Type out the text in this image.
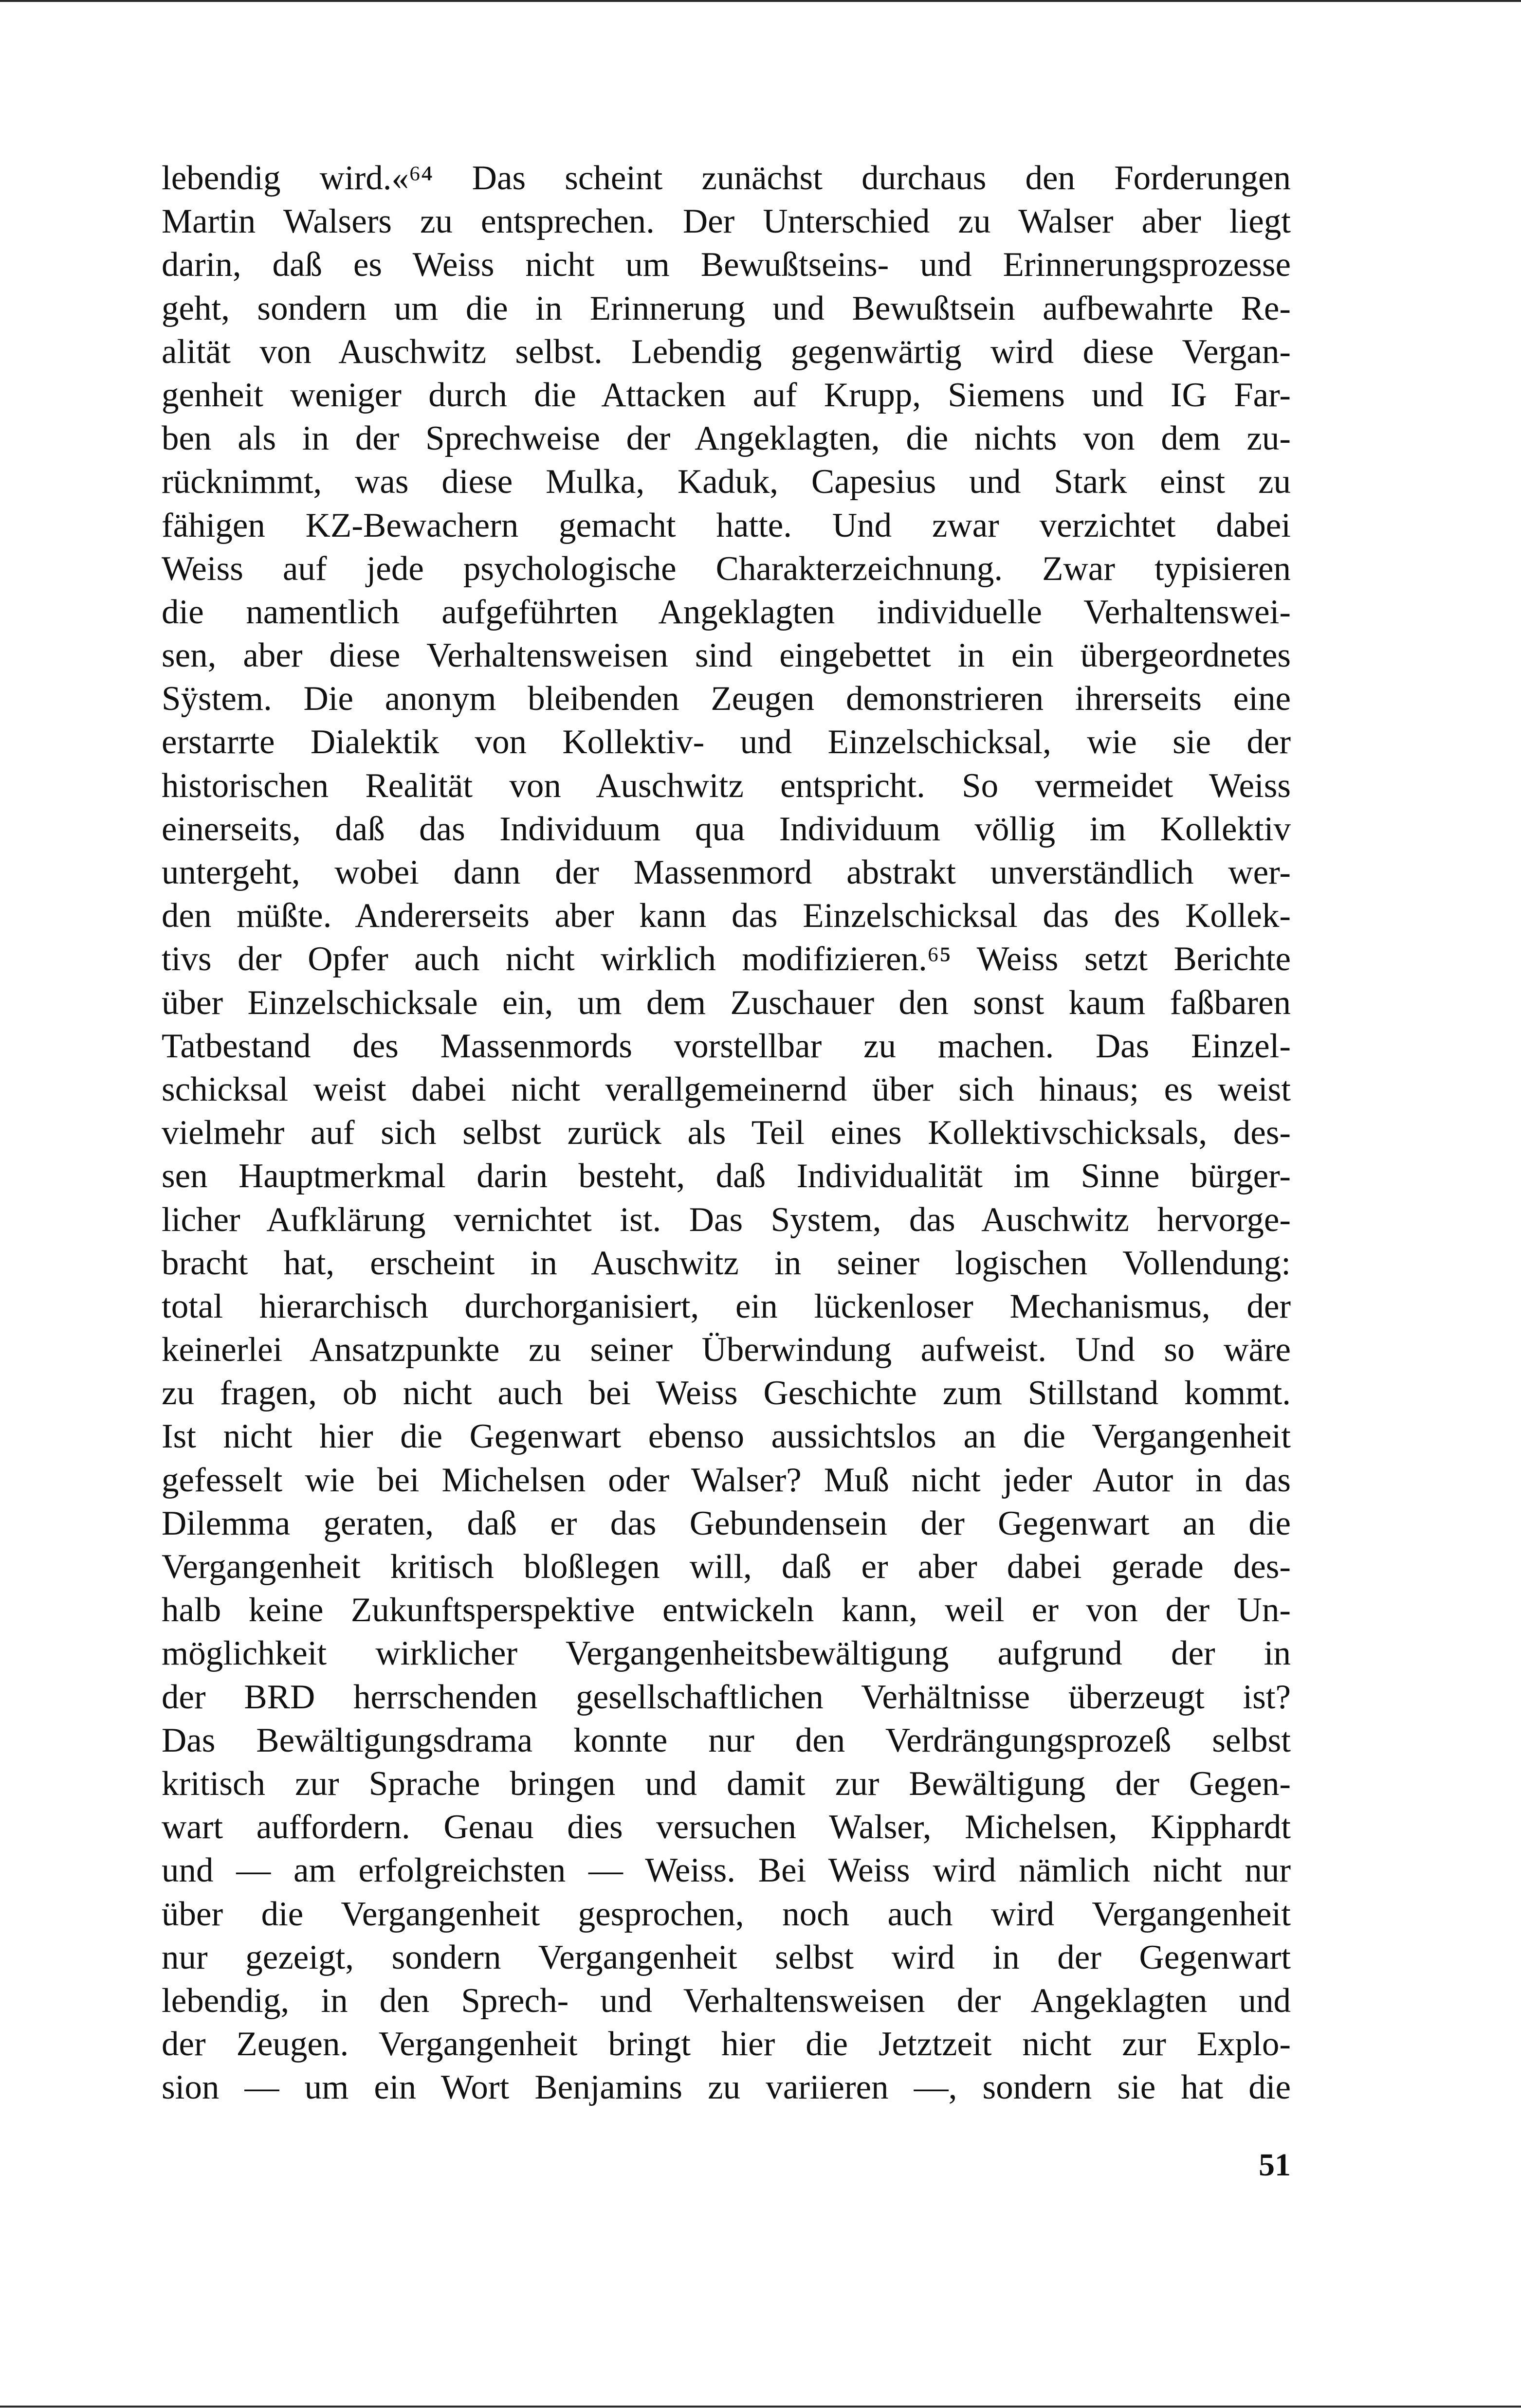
lebendig wird.«⁶⁴ Das scheint zunächst durchaus den Forderungen
Martin Walsers zu entsprechen. Der Unterschied zu Walser aber liegt
darin, daß es Weiss nicht um Bewußtseins- und Erinnerungsprozesse
geht, sondern um die in Erinnerung und Bewußtsein aufbewahrte Re-
alität von Auschwitz selbst. Lebendig gegenwärtig wird diese Vergan-
genheit weniger durch die Attacken auf Krupp, Siemens und IG Far-
ben als in der Sprechweise der Angeklagten, die nichts von dem zu-
rücknimmt, was diese Mulka, Kaduk, Capesius und Stark einst zu
fähigen KZ-Bewachern gemacht hatte. Und zwar verzichtet dabei
Weiss auf jede psychologische Charakterzeichnung. Zwar typisieren
die namentlich aufgeführten Angeklagten individuelle Verhaltenswei-
sen, aber diese Verhaltensweisen sind eingebettet in ein übergeordnetes
Sÿstem. Die anonym bleibenden Zeugen demonstrieren ihrerseits eine
erstarrte Dialektik von Kollektiv- und Einzelschicksal, wie sie der
historischen Realität von Auschwitz entspricht. So vermeidet Weiss
einerseits, daß das Individuum qua Individuum völlig im Kollektiv
untergeht, wobei dann der Massenmord abstrakt unverständlich wer-
den müßte. Andererseits aber kann das Einzelschicksal das des Kollek-
tivs der Opfer auch nicht wirklich modifizieren.⁶⁵ Weiss setzt Berichte
über Einzelschicksale ein, um dem Zuschauer den sonst kaum faßbaren
Tatbestand des Massenmords vorstellbar zu machen. Das Einzel-
schicksal weist dabei nicht verallgemeinernd über sich hinaus; es weist
vielmehr auf sich selbst zurück als Teil eines Kollektivschicksals, des-
sen Hauptmerkmal darin besteht, daß Individualität im Sinne bürger-
licher Aufklärung vernichtet ist. Das System, das Auschwitz hervorge-
bracht hat, erscheint in Auschwitz in seiner logischen Vollendung:
total hierarchisch durchorganisiert, ein lückenloser Mechanismus, der
keinerlei Ansatzpunkte zu seiner Überwindung aufweist. Und so wäre
zu fragen, ob nicht auch bei Weiss Geschichte zum Stillstand kommt.
Ist nicht hier die Gegenwart ebenso aussichtslos an die Vergangenheit
gefesselt wie bei Michelsen oder Walser? Muß nicht jeder Autor in das
Dilemma geraten, daß er das Gebundensein der Gegenwart an die
Vergangenheit kritisch bloßlegen will, daß er aber dabei gerade des-
halb keine Zukunftsperspektive entwickeln kann, weil er von der Un-
möglichkeit wirklicher Vergangenheitsbewältigung aufgrund der in
der BRD herrschenden gesellschaftlichen Verhältnisse überzeugt ist?
Das Bewältigungsdrama konnte nur den Verdrängungsprozeß selbst
kritisch zur Sprache bringen und damit zur Bewältigung der Gegen-
wart auffordern. Genau dies versuchen Walser, Michelsen, Kipphardt
und — am erfolgreichsten — Weiss. Bei Weiss wird nämlich nicht nur
über die Vergangenheit gesprochen, noch auch wird Vergangenheit
nur gezeigt, sondern Vergangenheit selbst wird in der Gegenwart
lebendig, in den Sprech- und Verhaltensweisen der Angeklagten und
der Zeugen. Vergangenheit bringt hier die Jetztzeit nicht zur Explo-
sion — um ein Wort Benjamins zu variieren —, sondern sie hat die
51
